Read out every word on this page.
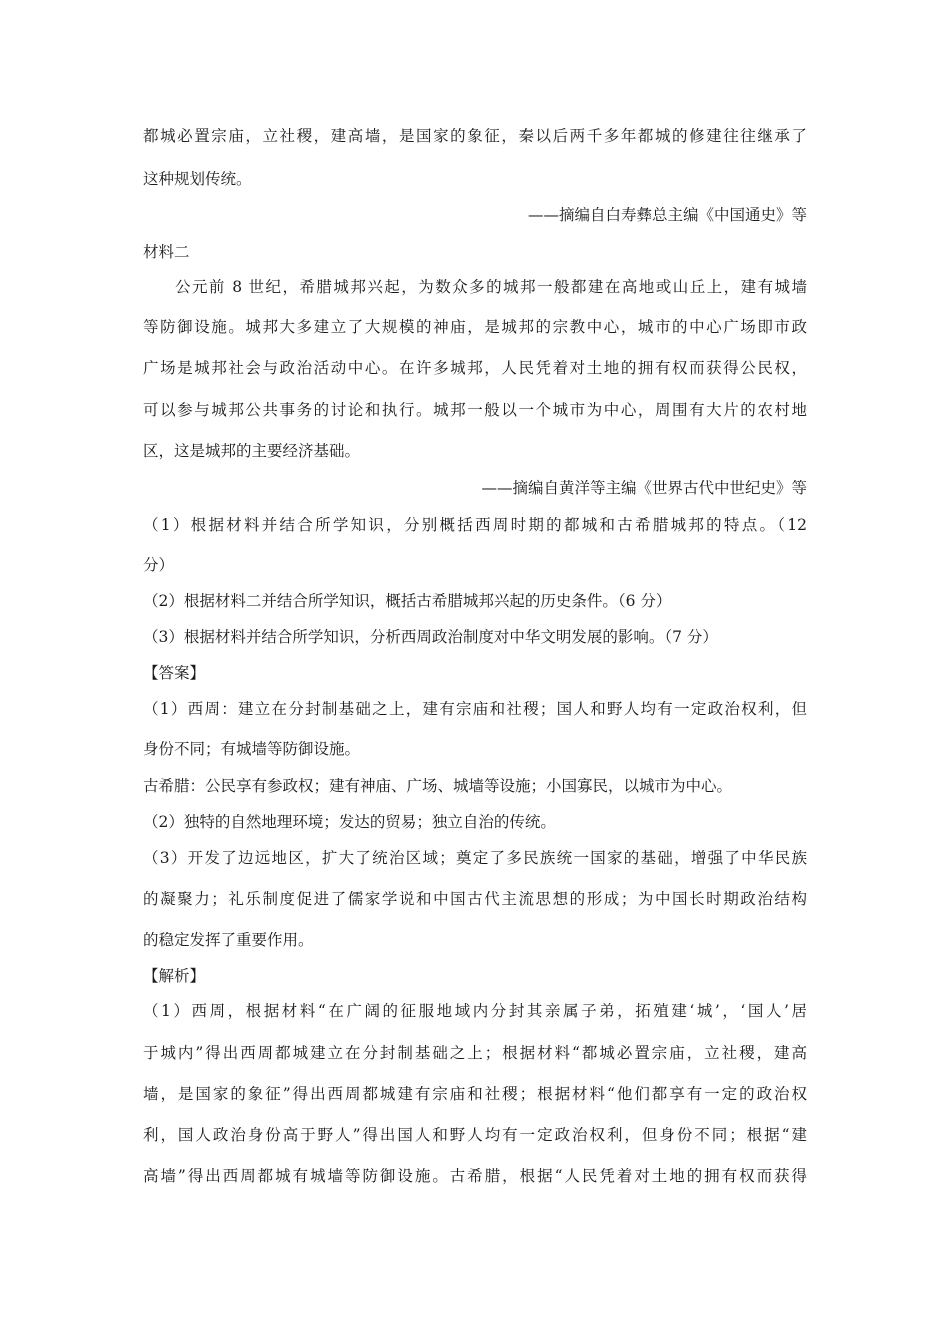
都城必置宗庙，立社稷，建高墙，是国家的象征，秦以后两千多年都城的修建往往继承了
这种规划传统。
——摘编自白寿彝总主编《中国通史》等
材料二
公元前 8 世纪，希腊城邦兴起，为数众多的城邦一般都建在高地或山丘上，建有城墙
等防御设施。城邦大多建立了大规模的神庙，是城邦的宗教中心，城市的中心广场即市政
广场是城邦社会与政治活动中心。在许多城邦，人民凭着对土地的拥有权而获得公民权，
可以参与城邦公共事务的讨论和执行。城邦一般以一个城市为中心，周围有大片的农村地
区，这是城邦的主要经济基础。
——摘编自黄洋等主编《世界古代中世纪史》等
（1）根据材料并结合所学知识，分别概括西周时期的都城和古希腊城邦的特点。（12
分）
（2）根据材料二并结合所学知识，概括古希腊城邦兴起的历史条件。（6 分）
（3）根据材料并结合所学知识，分析西周政治制度对中华文明发展的影响。（7 分）
【答案】
（1）西周：建立在分封制基础之上，建有宗庙和社稷；国人和野人均有一定政治权利，但
身份不同；有城墙等防御设施。
古希腊：公民享有参政权；建有神庙、广场、城墙等设施；小国寡民，以城市为中心。
（2）独特的自然地理环境；发达的贸易；独立自治的传统。
（3）开发了边远地区，扩大了统治区域；奠定了多民族统一国家的基础，增强了中华民族
的凝聚力；礼乐制度促进了儒家学说和中国古代主流思想的形成；为中国长时期政治结构
的稳定发挥了重要作用。
【解析】
（1）西周，根据材料“在广阔的征服地域内分封其亲属子弟，拓殖建‘城’，‘国人’居
于城内”得出西周都城建立在分封制基础之上；根据材料“都城必置宗庙，立社稷，建高
墙，是国家的象征”得出西周都城建有宗庙和社稷；根据材料“他们都享有一定的政治权
利，国人政治身份高于野人”得出国人和野人均有一定政治权利，但身份不同；根据“建
高墙”得出西周都城有城墙等防御设施。古希腊，根据“人民凭着对土地的拥有权而获得
